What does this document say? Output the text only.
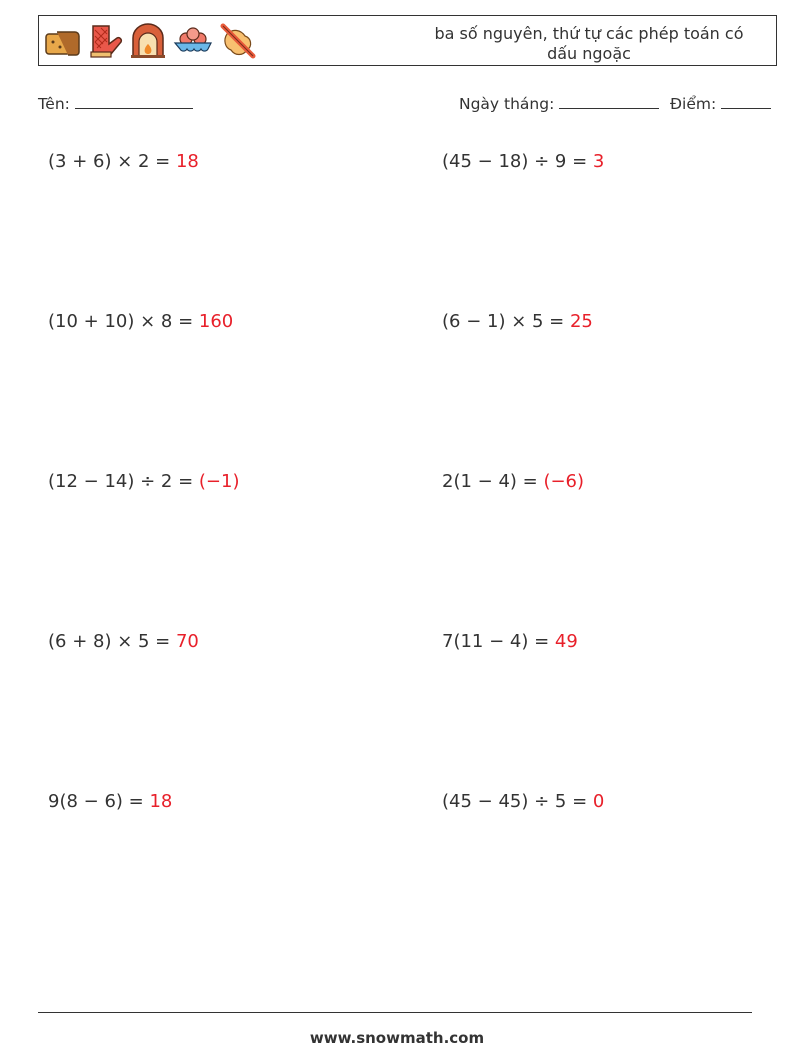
ba số nguyên, thứ tự các phép toán có dấu ngoặc
Tên:	Ngày tháng:	Điểm:
(3 + 6) × 2 = 18	(45 − 18) ÷ 9 = 3
(10 + 10) × 8 = 160	(6 − 1) × 5 = 25
(12 − 14) ÷ 2 = (−1)	2(1 − 4) = (−6)
(6 + 8) × 5 = 70	7(11 − 4) = 49
9(8 − 6) = 18	(45 − 45) ÷ 5 = 0
www.snowmath.com
